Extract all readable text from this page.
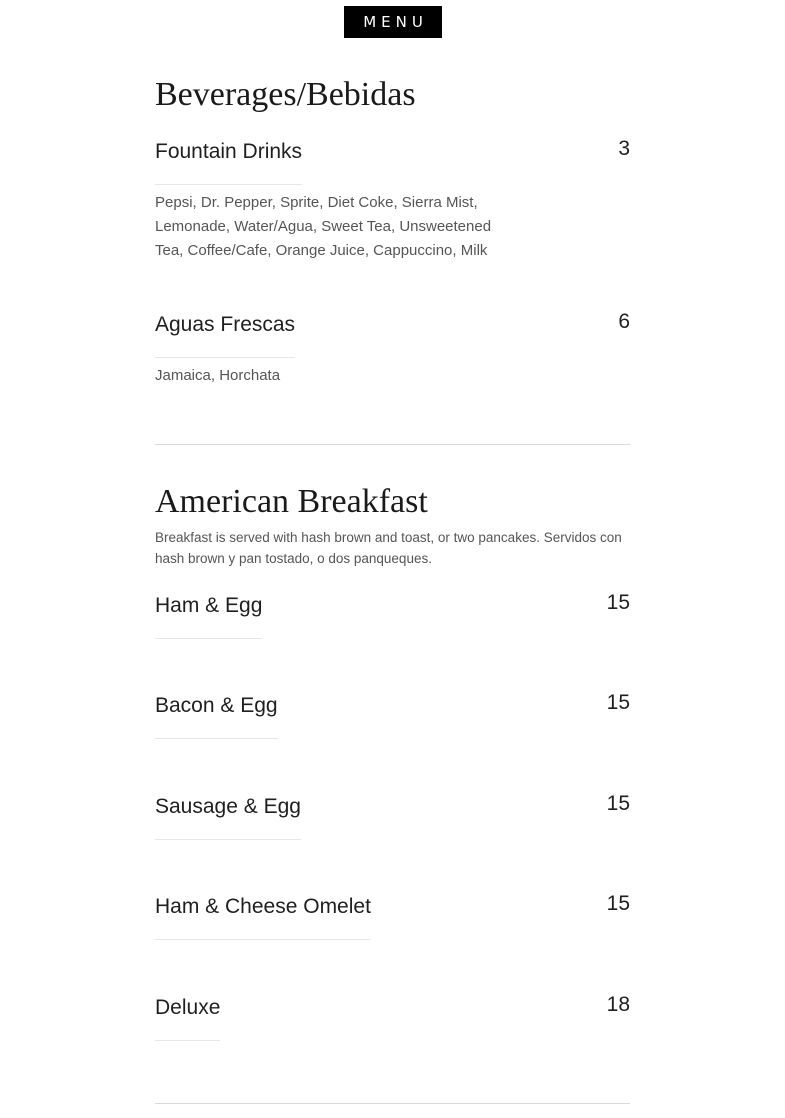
MENU
Beverages/Bebidas
Fountain Drinks	3
Pepsi, Dr. Pepper, Sprite, Diet Coke, Sierra Mist, Lemonade, Water/Agua, Sweet Tea, Unsweetened Tea, Coffee/Cafe, Orange Juice, Cappuccino, Milk
Aguas Frescas	6
Jamaica, Horchata
American Breakfast
Breakfast is served with hash brown and toast, or two pancakes. Servidos con hash brown y pan tostado, o dos panqueques.
Ham & Egg	15
Bacon & Egg	15
Sausage & Egg	15
Ham & Cheese Omelet	15
Deluxe	18
